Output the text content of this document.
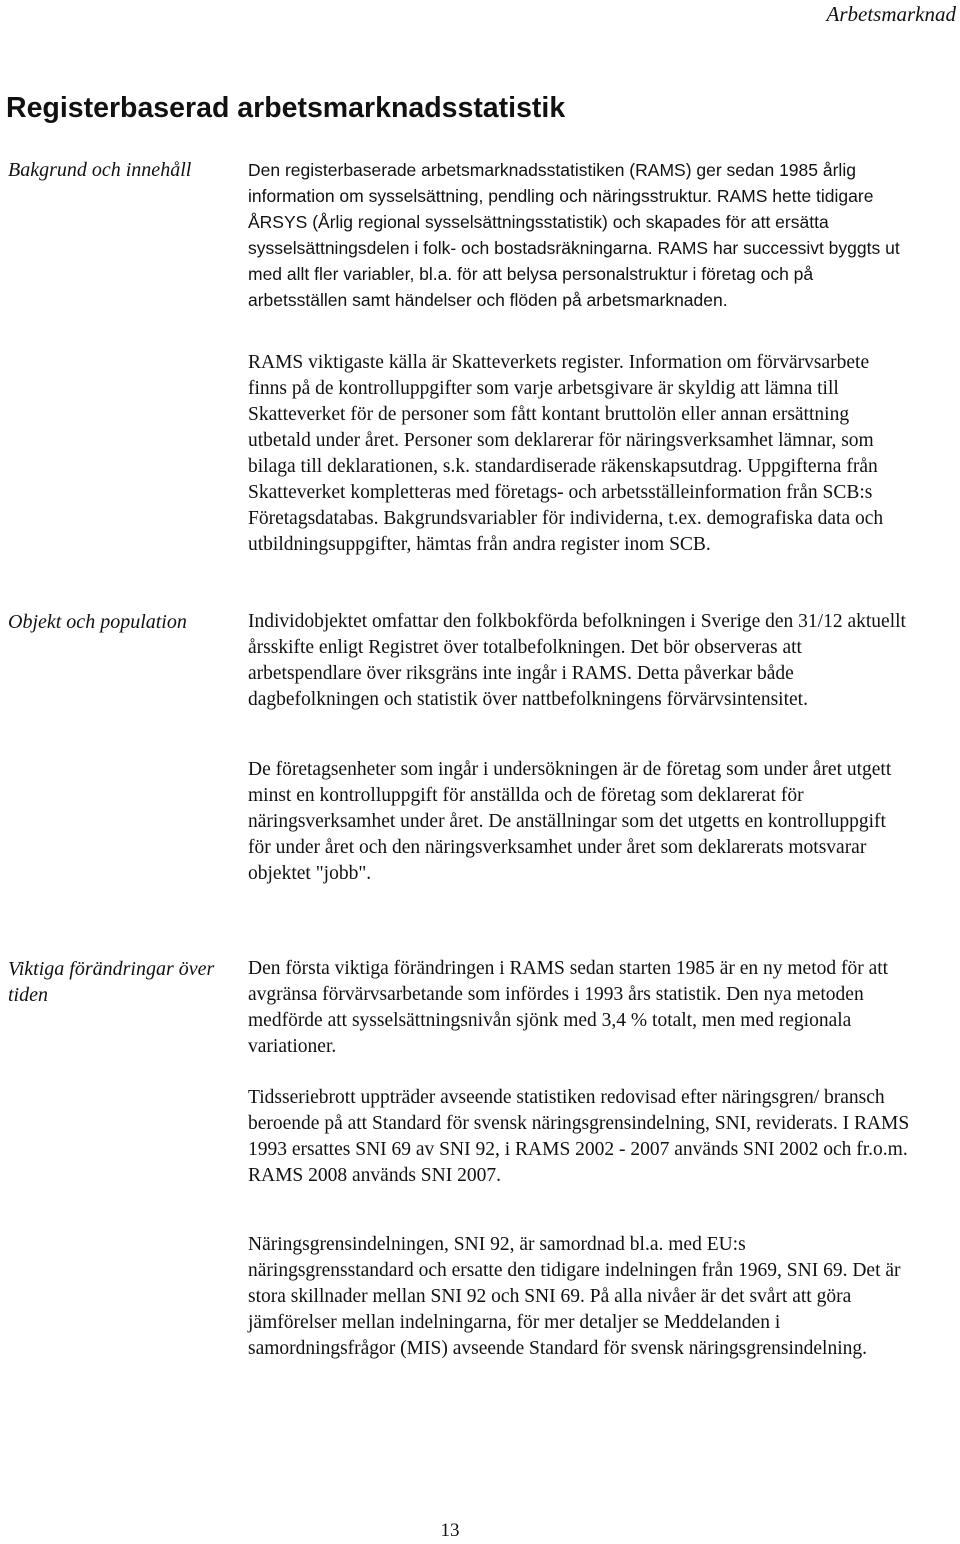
Arbetsmarknad
Registerbaserad arbetsmarknadsstatistik
Bakgrund och innehåll	Den registerbaserade arbetsmarknadsstatistiken (RAMS) ger sedan 1985 årlig information om sysselsättning, pendling och näringsstruktur. RAMS hette tidigare ÅRSYS (Årlig regional sysselsättningsstatistik) och skapades för att ersätta sysselsättningsdelen i folk- och bostadsräkningarna. RAMS har successivt byggts ut med allt fler variabler, bl.a. för att belysa personalstruktur i företag och på arbetsställen samt händelser och flöden på arbetsmarknaden.

RAMS viktigaste källa är Skatteverkets register. Information om förvärvsarbete finns på de kontrolluppgifter som varje arbetsgivare är skyldig att lämna till Skatteverket för de personer som fått kontant bruttolön eller annan ersättning utbetald under året. Personer som deklarerar för näringsverksamhet lämnar, som bilaga till deklarationen, s.k. standardiserade räkenskapsutdrag. Uppgifterna från Skatteverket kompletteras med företags- och arbetsställeinformation från SCB:s Företagsdatabas. Bakgrundsvariabler för individerna, t.ex. demografiska data och utbildningsuppgifter, hämtas från andra register inom SCB.

Objekt och population	Individobjektet omfattar den folkbokförda befolkningen i Sverige den 31/12 aktuellt årsskifte enligt Registret över totalbefolkningen. Det bör observeras att arbetspendlare över riksgräns inte ingår i RAMS. Detta påverkar både dagbefolkningen och statistik över nattbefolkningens förvärvsintensitet.

De företagsenheter som ingår i undersökningen är de företag som under året utgett minst en kontrolluppgift för anställda och de företag som deklarerat för näringsverksamhet under året. De anställningar som det utgetts en kontrolluppgift för under året och den näringsverksamhet under året som deklarerats motsvarar objektet "jobb".

Viktiga förändringar över tiden

Den första viktiga förändringen i RAMS sedan starten 1985 är en ny metod för att avgränsa förvärvsarbetande som infördes i 1993 års statistik. Den nya metoden medförde att sysselsättningsnivån sjönk med 3,4 % totalt, men med regionala variationer.

Tidsseriebrott uppträder avseende statistiken redovisad efter näringsgren/ bransch beroende på att Standard för svensk näringsgrensindelning, SNI, reviderats. I RAMS 1993 ersattes SNI 69 av SNI 92, i RAMS 2002 - 2007 används SNI 2002 och fr.o.m. RAMS 2008 används SNI 2007.

Näringsgrensindelningen, SNI 92, är samordnad bl.a. med EU:s näringsgrensstandard och ersatte den tidigare indelningen från 1969, SNI 69. Det är stora skillnader mellan SNI 92 och SNI 69. På alla nivåer är det svårt att göra jämförelser mellan indelningarna, för mer detaljer se Meddelanden i samordningsfrågor (MIS) avseende Standard för svensk näringsgrensindelning.

13
